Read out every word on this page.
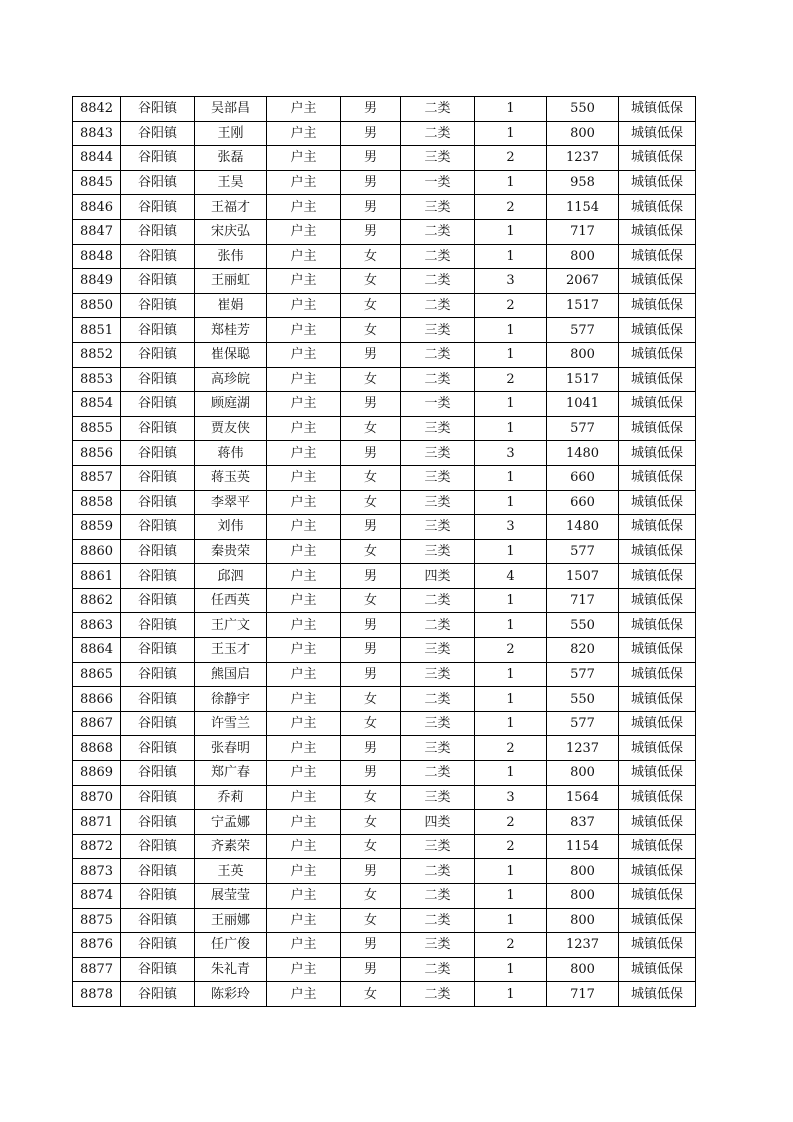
8842	谷阳镇	吴部昌	户主	男	二类	1	550	城镇低保
8843	谷阳镇	王刚	户主	男	二类	1	800	城镇低保
8844	谷阳镇	张磊	户主	男	三类	2	1237	城镇低保
8845	谷阳镇	王昊	户主	男	一类	1	958	城镇低保
8846	谷阳镇	王福才	户主	男	三类	2	1154	城镇低保
8847	谷阳镇	宋庆弘	户主	男	二类	1	717	城镇低保
8848	谷阳镇	张伟	户主	女	二类	1	800	城镇低保
8849	谷阳镇	王丽虹	户主	女	二类	3	2067	城镇低保
8850	谷阳镇	崔娟	户主	女	二类	2	1517	城镇低保
8851	谷阳镇	郑桂芳	户主	女	三类	1	577	城镇低保
8852	谷阳镇	崔保聪	户主	男	二类	1	800	城镇低保
8853	谷阳镇	高珍皖	户主	女	二类	2	1517	城镇低保
8854	谷阳镇	顾庭湖	户主	男	一类	1	1041	城镇低保
8855	谷阳镇	贾友侠	户主	女	三类	1	577	城镇低保
8856	谷阳镇	蒋伟	户主	男	三类	3	1480	城镇低保
8857	谷阳镇	蒋玉英	户主	女	三类	1	660	城镇低保
8858	谷阳镇	李翠平	户主	女	三类	1	660	城镇低保
8859	谷阳镇	刘伟	户主	男	三类	3	1480	城镇低保
8860	谷阳镇	秦贵荣	户主	女	三类	1	577	城镇低保
8861	谷阳镇	邱泗	户主	男	四类	4	1507	城镇低保
8862	谷阳镇	任西英	户主	女	二类	1	717	城镇低保
8863	谷阳镇	王广文	户主	男	二类	1	550	城镇低保
8864	谷阳镇	王玉才	户主	男	三类	2	820	城镇低保
8865	谷阳镇	熊国启	户主	男	三类	1	577	城镇低保
8866	谷阳镇	徐静宇	户主	女	二类	1	550	城镇低保
8867	谷阳镇	许雪兰	户主	女	三类	1	577	城镇低保
8868	谷阳镇	张春明	户主	男	三类	2	1237	城镇低保
8869	谷阳镇	郑广春	户主	男	二类	1	800	城镇低保
8870	谷阳镇	乔莉	户主	女	三类	3	1564	城镇低保
8871	谷阳镇	宁孟娜	户主	女	四类	2	837	城镇低保
8872	谷阳镇	齐素荣	户主	女	三类	2	1154	城镇低保
8873	谷阳镇	王英	户主	男	二类	1	800	城镇低保
8874	谷阳镇	展莹莹	户主	女	二类	1	800	城镇低保
8875	谷阳镇	王丽娜	户主	女	二类	1	800	城镇低保
8876	谷阳镇	任广俊	户主	男	三类	2	1237	城镇低保
8877	谷阳镇	朱礼青	户主	男	二类	1	800	城镇低保
8878	谷阳镇	陈彩玲	户主	女	二类	1	717	城镇低保
